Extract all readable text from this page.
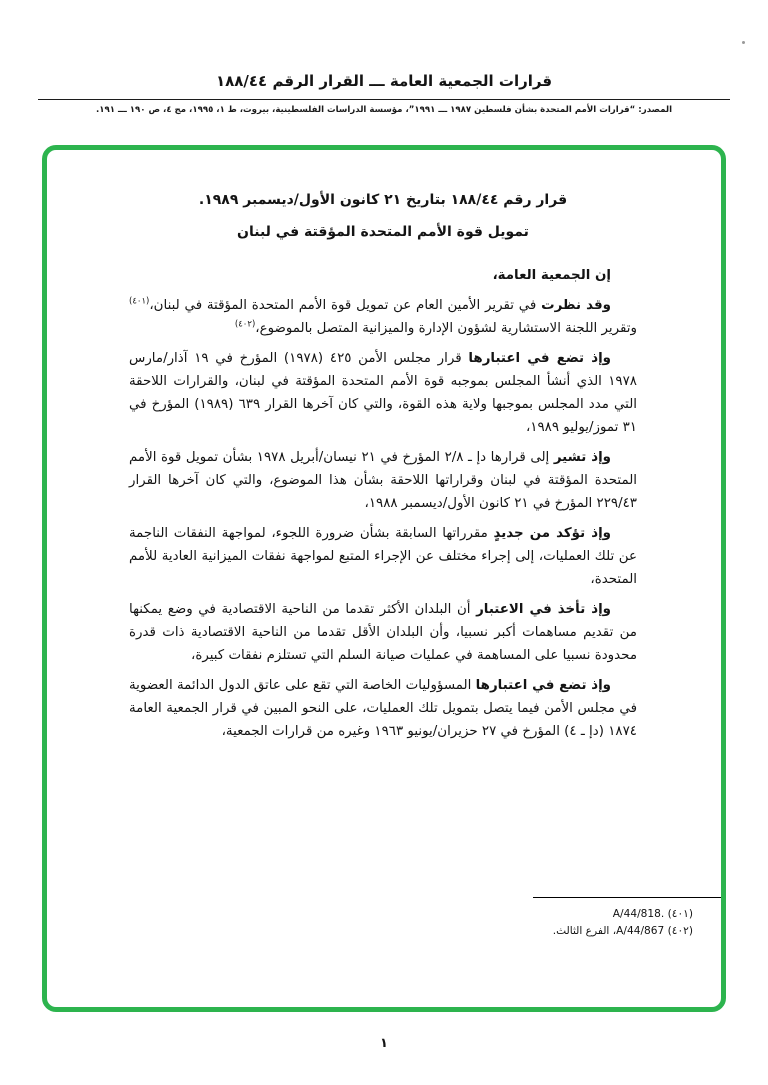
قرارات الجمعية العامة ـــ القرار الرقم ١٨٨/٤٤
المصدر: “قرارات الأمم المتحدة بشأن فلسطين ١٩٨٧ ـــ ١٩٩١”، مؤسسة الدراسات الفلسطينية، بيروت، ط ١، ١٩٩٥، مج ٤، ص ١٩٠ ـــ ١٩١.
قرار رقم ١٨٨/٤٤ بتاريخ ٢١ كانون الأول/ديسمبر ١٩٨٩.
تمويل قوة الأمم المتحدة المؤقتة في لبنان

إن الجمعية العامة،

وقد نظرت في تقرير الأمين العام عن تمويل قوة الأمم المتحدة المؤقتة في لبنان،$^{(٤٠١)}$ وتقرير اللجنة الاستشارية لشؤون الإدارة والميزانية المتصل بالموضوع،$^{(٤٠٢)}$

وإذ تضع في اعتبارها قرار مجلس الأمن ٤٢٥ (١٩٧٨) المؤرخ في ١٩ آذار/مارس ١٩٧٨ الذي أنشأ المجلس بموجبه قوة الأمم المتحدة المؤقتة في لبنان، والقرارات اللاحقة التي مدد المجلس بموجبها ولاية هذه القوة، والتي كان آخرها القرار ٦٣٩ (١٩٨٩) المؤرخ في ٣١ تموز/يوليو ١٩٨٩،

وإذ تشير إلى قرارها دإ ـ ٢/٨ المؤرخ في ٢١ نيسان/أبريل ١٩٧٨ بشأن تمويل قوة الأمم المتحدة المؤقتة في لبنان وقراراتها اللاحقة بشأن هذا الموضوع، والتي كان آخرها القرار ٢٢٩/٤٣ المؤرخ في ٢١ كانون الأول/ديسمبر ١٩٨٨،

وإذ تؤكد من جديدٍ مقرراتها السابقة بشأن ضرورة اللجوء، لمواجهة النفقات الناجمة عن تلك العمليات، إلى إجراء مختلف عن الإجراء المتبع لمواجهة نفقات الميزانية العادية للأمم المتحدة،

وإذ تأخذ في الاعتبار أن البلدان الأكثر تقدما من الناحية الاقتصادية في وضع يمكنها من تقديم مساهمات أكبر نسبيا، وأن البلدان الأقل تقدما من الناحية الاقتصادية ذات قدرة محدودة نسبيا على المساهمة في عمليات صيانة السلم التي تستلزم نفقات كبيرة،

وإذ تضع في اعتبارها المسؤوليات الخاصة التي تقع على عاتق الدول الدائمة العضوية في مجلس الأمن فيما يتصل بتمويل تلك العمليات، على النحو المبين في قرار الجمعية العامة ١٨٧٤ (دإ ـ ٤) المؤرخ في ٢٧ حزيران/يونيو ١٩٦٣ وغيره من قرارات الجمعية،

(٤٠١) A/44/818.
(٤٠٢) A/44/867، الفرع الثالث.
١
